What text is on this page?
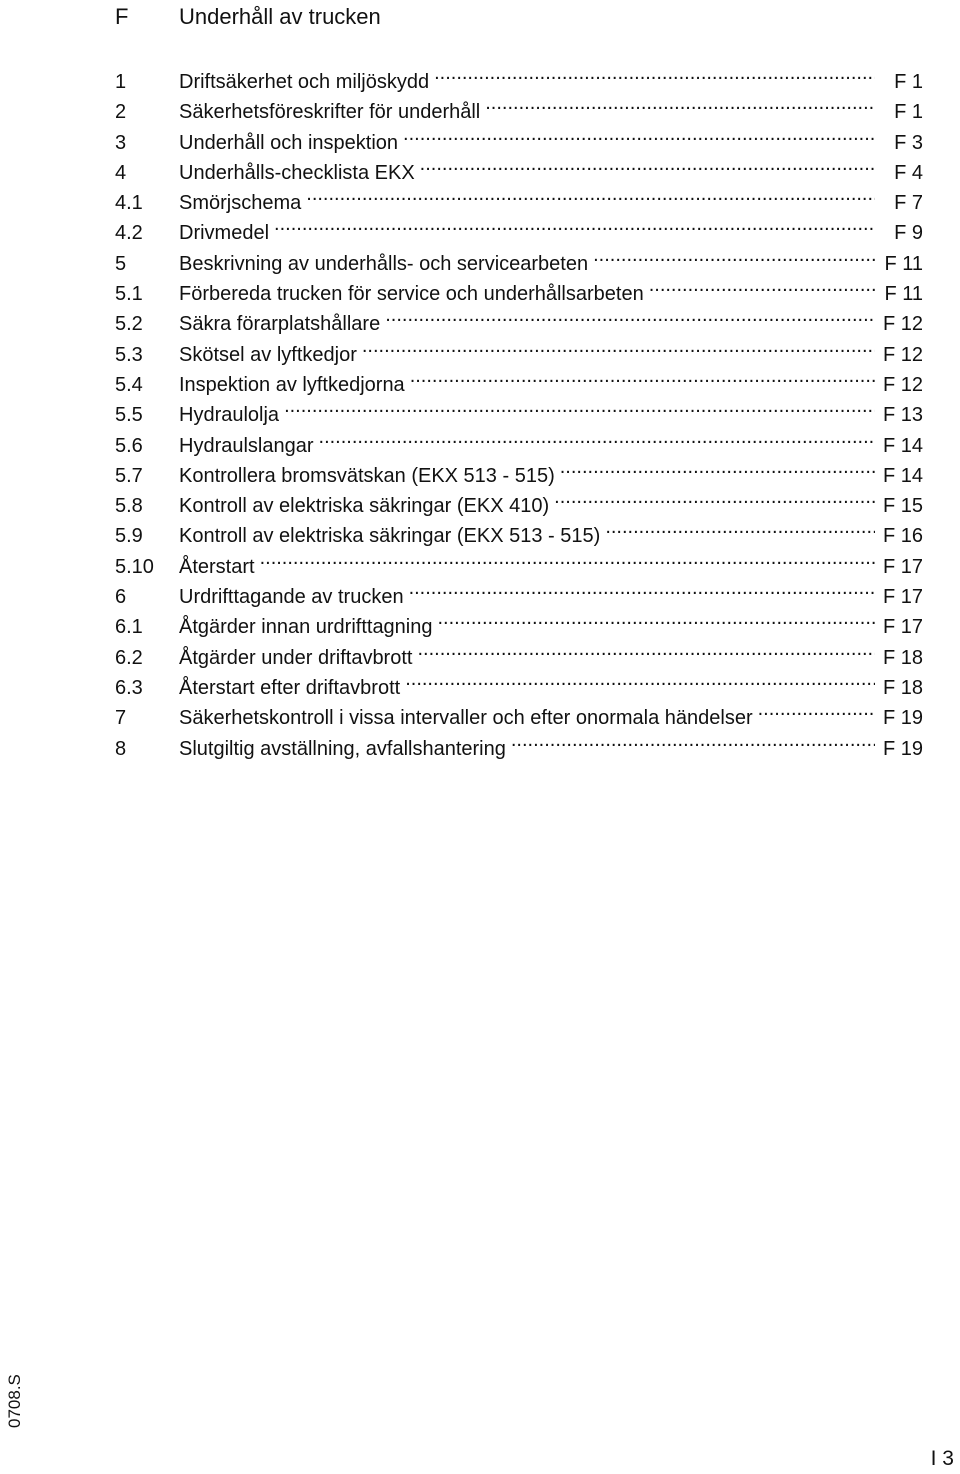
F Underhåll av trucken
1	Driftsäkerhet och miljöskydd .....	F 1
2	Säkerhetsföreskrifter för underhåll .....	F 1
3	Underhåll och inspektion .....	F 3
4	Underhålls-checklista EKX .....	F 4
4.1	Smörjschema .....	F 7
4.2	Drivmedel .....	F 9
5	Beskrivning av underhålls- och servicearbeten .....	F 11
5.1	Förbereda trucken för service och underhållsarbeten .....	F 11
5.2	Säkra förarplatshållare .....	F 12
5.3	Skötsel av lyftkedjor .....	F 12
5.4	Inspektion av lyftkedjorna .....	F 12
5.5	Hydraulolja .....	F 13
5.6	Hydraulslangar .....	F 14
5.7	Kontrollera bromsvätskan (EKX 513 - 515) .....	F 14
5.8	Kontroll av elektriska säkringar (EKX 410) .....	F 15
5.9	Kontroll av elektriska säkringar (EKX 513 - 515) .....	F 16
5.10	Återstart .....	F 17
6	Urdrifttagande av trucken .....	F 17
6.1	Åtgärder innan urdrifttagning .....	F 17
6.2	Åtgärder under driftavbrott .....	F 18
6.3	Återstart efter driftavbrott .....	F 18
7	Säkerhetskontroll i vissa intervaller och efter onormala händelser .....	F 19
8	Slutgiltig avställning, avfallshantering .....	F 19
0708.S
I 3
